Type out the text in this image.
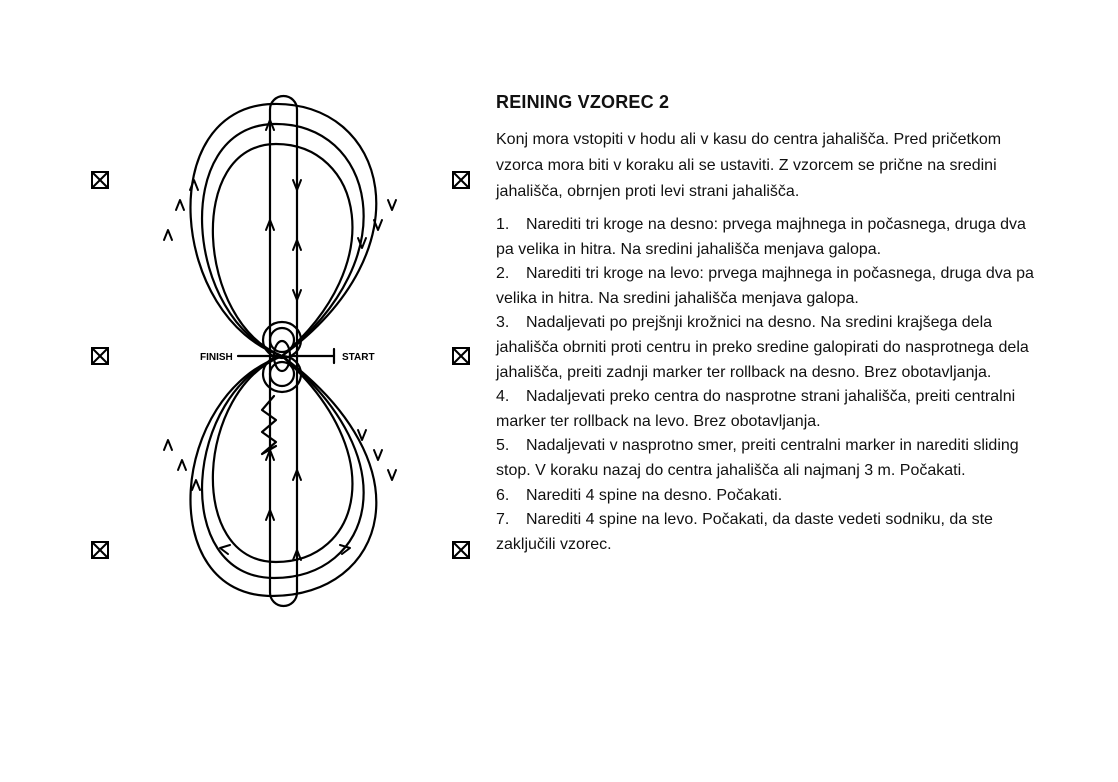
FINISH	START
REINING VZOREC 2

Konj mora vstopiti v hodu ali v kasu do centra jahališča. Pred pričetkom vzorca mora biti v koraku ali se ustaviti. Z vzorcem se prične na sredini jahališča, obrnjen proti levi strani jahališča.

1. Narediti tri kroge na desno: prvega majhnega in počasnega, druga dva pa velika in hitra. Na sredini jahališča menjava galopa.
2. Narediti tri kroge na levo: prvega majhnega in počasnega, druga dva pa velika in hitra. Na sredini jahališča menjava galopa.
3. Nadaljevati po prejšnji krožnici na desno. Na sredini krajšega dela jahališča obrniti proti centru in preko sredine galopirati do nasprotnega dela jahališča, preiti zadnji marker ter rollback na desno. Brez obotavljanja.
4. Nadaljevati preko centra do nasprotne strani jahališča, preiti centralni marker ter rollback na levo. Brez obotavljanja.
5. Nadaljevati v nasprotno smer, preiti centralni marker in narediti sliding stop. V koraku nazaj do centra jahališča ali najmanj 3 m. Počakati.
6. Narediti 4 spine na desno. Počakati.
7. Narediti 4 spine na levo. Počakati, da daste vedeti sodniku, da ste zaključili vzorec.
